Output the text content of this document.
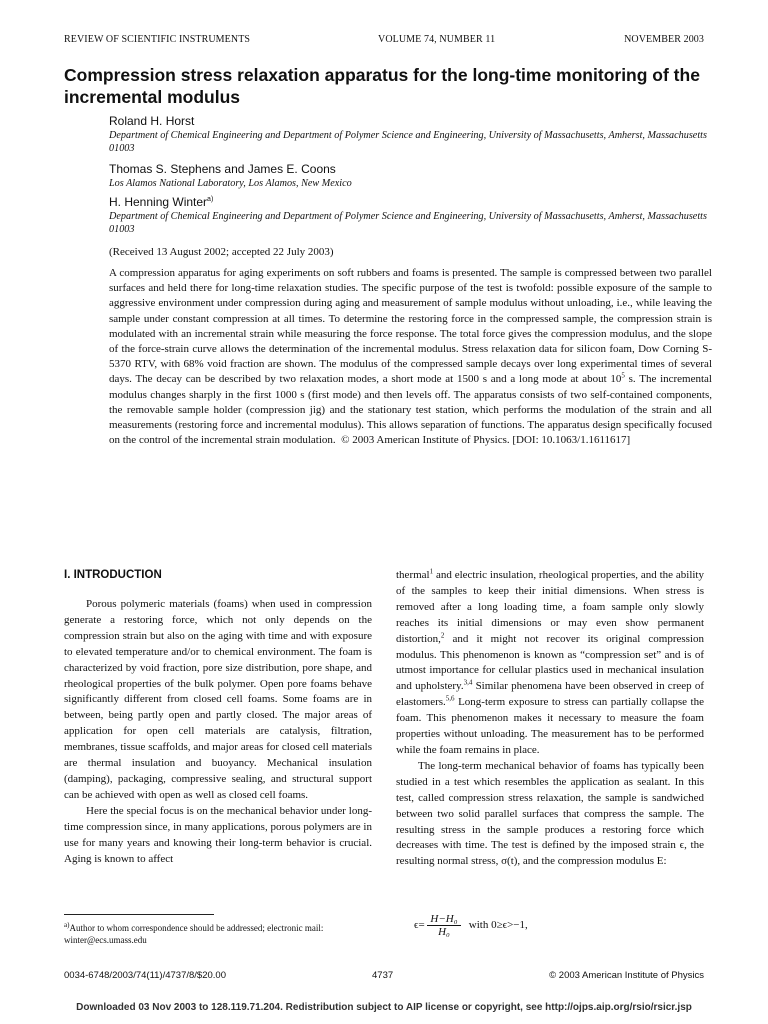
REVIEW OF SCIENTIFIC INSTRUMENTS	VOLUME 74, NUMBER 11	NOVEMBER 2003
Compression stress relaxation apparatus for the long-time monitoring of the incremental modulus
Roland H. Horst
Department of Chemical Engineering and Department of Polymer Science and Engineering, University of Massachusetts, Amherst, Massachusetts 01003
Thomas S. Stephens and James E. Coons
Los Alamos National Laboratory, Los Alamos, New Mexico
H. Henning Winter$^{a)}$
Department of Chemical Engineering and Department of Polymer Science and Engineering, University of Massachusetts, Amherst, Massachusetts 01003
(Received 13 August 2002; accepted 22 July 2003)
A compression apparatus for aging experiments on soft rubbers and foams is presented. The sample is compressed between two parallel surfaces and held there for long-time relaxation studies. The specific purpose of the test is twofold: possible exposure of the sample to aggressive environment under compression during aging and measurement of sample modulus without unloading, i.e., while leaving the sample under constant compression at all times. To determine the restoring force in the compressed sample, the compression strain is modulated with an incremental strain while measuring the force response. The total force gives the compression modulus, and the slope of the force-strain curve allows the determination of the incremental modulus. Stress relaxation data for silicon foam, Dow Corning S-5370 RTV, with 68% void fraction are shown. The modulus of the compressed sample decays over long experimental times of several days. The decay can be described by two relaxation modes, a short mode at 1500 s and a long mode at about $10^5$ s. The incremental modulus changes sharply in the first 1000 s (first mode) and then levels off. The apparatus consists of two self-contained components, the removable sample holder (compression jig) and the stationary test station, which performs the modulation of the strain and all measurements (restoring force and incremental modulus). This allows separation of functions. The apparatus design specifically focused on the control of the incremental strain modulation. © 2003 American Institute of Physics. [DOI: 10.1063/1.1611617]
I. INTRODUCTION

Porous polymeric materials (foams) when used in compression generate a restoring force, which not only depends on the compression strain but also on the aging with time and with exposure to elevated temperature and/or to chemical environment. The foam is characterized by void fraction, pore size distribution, pore shape, and rheological properties of the bulk polymer. Open pore foams behave significantly different from closed cell foams. Some foams are in between, being partly open and partly closed. The major areas of application for open cell materials are catalysis, filtration, membranes, tissue scaffolds, and major areas for closed cell materials are thermal insulation and buoyancy. Mechanical insulation (damping), packaging, compressive sealing, and structural support can be achieved with open as well as closed cell foams.

Here the special focus is on the mechanical behavior under long-time compression since, in many applications, porous polymers are in use for many years and knowing their long-term behavior is crucial. Aging is known to affect

thermal$^1$ and electric insulation, rheological properties, and the ability of the samples to keep their initial dimensions. When stress is removed after a long loading time, a foam sample only slowly reaches its initial dimensions or may even show permanent distortion,$^2$ and it might not recover its original compression modulus. This phenomenon is known as “compression set” and is of utmost importance for cellular plastics used in mechanical insulation and upholstery.$^{3,4}$ Similar phenomena have been observed in creep of elastomers.$^{5,6}$ Long-term exposure to stress can partially collapse the foam. This phenomenon makes it necessary to measure the foam properties without unloading. The measurement has to be performed while the foam remains in place.

The long-term mechanical behavior of foams has typically been studied in a test which resembles the application as sealant. In this test, called compression stress relaxation, the sample is sandwiched between two solid parallel surfaces that compress the sample. The resulting stress in the sample produces a restoring force which decreases with time. The test is defined by the imposed strain ϵ, the resulting normal stress, σ(t), and the compression modulus E:

$^{a)}$Author to whom correspondence should be addressed; electronic mail: winter@ecs.umass.edu
$\epsilon= \frac{\text{H−H₀}}{\text{H₀}}$ with 0≥ϵ>−1,
0034-6748/2003/74(11)/4737/8/$20.00	4737	© 2003 American Institute of Physics
Downloaded 03 Nov 2003 to 128.119.71.204. Redistribution subject to AIP license or copyright, see http://ojps.aip.org/rsio/rsicr.jsp
